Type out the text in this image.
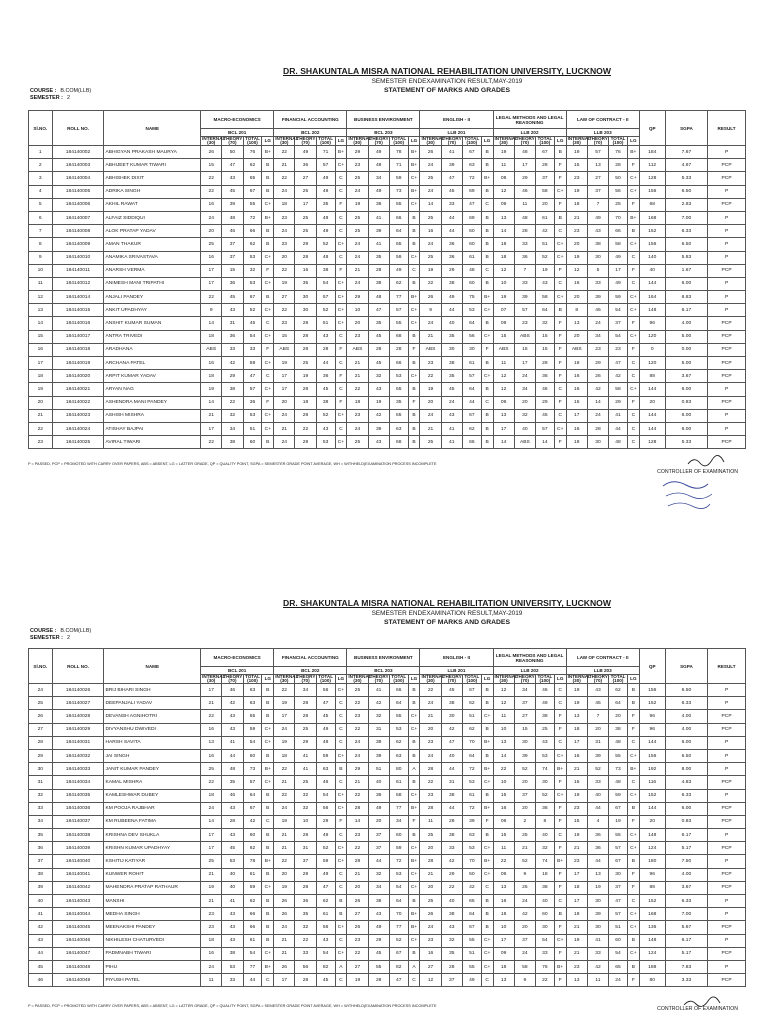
DR. SHAKUNTALA MISRA NATIONAL REHABILITATION UNIVERSITY, LUCKNOW
SEMESTER ENDEXAMINATION RESULT,MAY-2019
STATEMENT OF MARKS AND GRADES
COURSE : B.COM(LLB)
SEMESTER : 2
Sl.NO.	ROLL NO.	NAME	MACRO-ECONOMICS				FINANCIAL ACCOUNTING				BUSINESS ENVIRONMENT				ENGLISH - II				LEGAL METHODS AND LEGAL REASONING				LAW OF CONTRACT - II				QP	SGPA	RESULT
			BCL 201				BCL 202				BCL 203				LLB 201				LLB 202				LLB 203						
			INTERNAL (30)	THEORY (70)	TOTAL (100)	LG	INTERNAL (30)	THEORY (70)	TOTAL (100)	LG	INTERNAL (30)	THEORY (70)	TOTAL (100)	LG	INTERNAL (30)	THEORY (70)	TOTAL (100)	LG	INTERNAL (30)	THEORY (70)	TOTAL (100)	LG	INTERNAL (30)	THEORY (70)	TOTAL (100)	LG			
1	184140002	ABHIGYAN PRAKASH MAURYA	26	50	76	B+	22	49	71	B+	29	49	78	B+	26	41	67	B	19	48	67	B	19	57	76	B+	184	7.67	P
2	184140003	ABHIJEET KUMAR TIWARI	15	47	62	B	21	36	57	C+	23	48	71	B+	24	39	63	B	11	17	28	F	15	13	28	F	112	4.67	PCP
3	184140004	ABHISHEK DIXIT	22	43	65	B	22	27	49	C	25	34	59	C+	25	47	72	B+	08	29	37	F	23	27	50	C+	128	5.33	PCP
4	184140005	ADRIKA SINGH	22	45	67	B	24	25	49	C	24	49	73	B+	24	45	69	B	12	46	58	C+	19	37	56	C+	156	6.50	P
5	184140006	AKHIL RAWAT	16	39	55	C+	18	17	35	F	19	36	55	C+	14	33	47	C	09	11	20	F	18	7	25	F	68	2.83	PCP
6	184140007	ALFAIZ SIDDIQUI	24	48	72	B+	23	25	48	C	25	41	66	B	25	44	69	B	13	48	61	B	21	49	70	B+	168	7.00	P
7	184140008	ALOK PRATAP YADAV	20	46	66	B	24	25	49	C	25	39	64	B	16	44	60	B	14	28	42	C	23	43	66	B	152	6.33	P
8	184140009	AMAN THAKUR	25	37	62	B	23	29	52	C+	24	41	65	B	24	36	60	B	18	33	51	C+	20	38	58	C+	156	6.50	P
9	184140010	ANAMIKA SRIVASTAVA	16	37	53	C+	20	28	48	C	24	35	59	C+	25	36	61	B	18	36	52	C+	19	30	49	C	140	5.83	P
10	184140011	ANARSH VERMA	17	15	32	F	22	16	38	F	21	28	49	C	19	29	48	C	12	7	19	F	12	5	17	F	40	1.67	PCP
11	184140012	ANIMESH MANI TRIPATHI	17	36	53	C+	19	35	54	C+	24	38	62	B	22	38	60	B	10	33	43	C	16	33	49	C	144	6.00	P
12	184140014	ANJALI PANDEY	22	45	67	B	27	30	57	C+	29	48	77	B+	26	49	75	B+	19	39	58	C+	20	39	59	C+	164	6.83	P
13	184140015	ANKIT UPADHYAY	9	43	52	C+	22	30	52	C+	10	47	57	C+	9	44	53	C+	07	57	64	B	8	46	54	C+	148	6.17	P
14	184140016	ANSHIT KUMAR SUMAN	14	31	45	C	23	28	51	C+	20	35	55	C+	24	40	64	B	09	23	32	F	13	24	37	F	96	4.00	PCP
15	184140017	ANTRA TRIVEDI	18	36	54	C+	15	28	43	C	23	45	68	B	21	35	56	C+	15	ABS	15	F	20	34	54	C+	120	5.00	PCP
16	184140018	ARADHANA	ABS	33	33	F	ABS	28	28	F	ABS	28	28	F	ABS	30	30	F	ABS	15	15	F	ABS	23	23	F	0	0.00	PCP
17	184140019	ARCHANA PATEL	16	42	58	C+	19	25	44	C	21	45	66	B	23	38	61	B	11	17	28	F	18	29	47	C	120	5.00	PCP
18	184140020	ARPIT KUMAR YADAV	18	29	47	C	17	19	36	F	21	32	53	C+	22	35	57	C+	12	24	36	F	16	26	42	C	88	3.67	PCP
19	184140021	ARYAN NAG	19	38	57	C+	17	28	45	C	22	43	65	B	19	45	64	B	12	34	46	C	16	42	58	C+	144	6.00	P
20	184140022	ASHENDRA MANI PANDEY	14	22	36	F	20	18	38	F	18	19	35	F	20	24	44	C	09	20	29	F	15	14	29	F	20	0.83	PCP
21	184140023	ASHISH MISHRA	21	32	53	C+	24	28	52	C+	23	42	65	B	24	43	67	B	13	32	45	C	17	24	41	C	144	6.00	P
22	184140024	ATISHAY BAJPAI	17	34	51	C+	21	22	43	C	24	39	63	B	21	41	62	B	17	40	57	C+	16	28	44	C	144	6.00	P
23	184140025	AVIRAL TIWARI	22	38	60	B	24	29	53	C+	25	43	68	B	25	41	66	B	14	ABS	14	F	18	30	48	C	128	5.33	PCP
P = PASSED, PCP = PROMOTED WITH CARRY OVER PAPERS, ABS = ABSENT, LG = LATTER GRADE, QP = QUALITY POINT, SGPA = SEMESTER GRADE POINT AVERAGE, WH = WITHHELD(EXAMINATION PROCESS INCOMPLETE
CONTROLLER OF EXAMINATION
DR. SHAKUNTALA MISRA NATIONAL REHABILITATION UNIVERSITY, LUCKNOW
SEMESTER ENDEXAMINATION RESULT,MAY-2019
STATEMENT OF MARKS AND GRADES
COURSE : B.COM(LLB)
SEMESTER : 2
Sl.NO.	ROLL NO.	NAME	MACRO-ECONOMICS				FINANCIAL ACCOUNTING				BUSINESS ENVIRONMENT				ENGLISH - II				LEGAL METHODS AND LEGAL REASONING				LAW OF CONTRACT - II				QP	SGPA	RESULT
			BCL 201				BCL 202				BCL 203				LLB 201				LLB 202				LLB 203						
			INTERNAL (30)	THEORY (70)	TOTAL (100)	LG	INTERNAL (30)	THEORY (70)	TOTAL (100)	LG	INTERNAL (30)	THEORY (70)	TOTAL (100)	LG	INTERNAL (30)	THEORY (70)	TOTAL (100)	LG	INTERNAL (30)	THEORY (70)	TOTAL (100)	LG	INTERNAL (30)	THEORY (70)	TOTAL (100)	LG			
24	184140026	BRIJ BIHARI SINGH	17	46	63	B	22	34	56	C+	25	41	66	B	22	45	67	B	12	34	46	C	19	43	62	B	156	6.50	P
25	184140027	DEEPANJALI YADAV	21	42	63	B	19	28	47	C	22	42	64	B	24	38	62	B	12	37	49	C	19	45	64	B	152	6.33	P
26	184140028	DEVANSH AGNIHOTRI	22	43	65	B	17	28	45	C	23	32	55	C+	21	30	51	C+	11	27	38	F	13	7	20	F	96	4.00	PCP
27	184140029	DIVYANSHU DWIVEDI	16	43	59	C+	24	25	49	C	22	31	53	C+	20	42	62	B	10	15	25	F	18	20	38	F	96	4.00	PCP
28	184140031	HARSH SAVITA	13	41	54	C+	19	29	48	C	24	38	62	B	23	47	70	B+	13	30	43	C	17	31	48	C	144	6.00	P
29	184140032	JAI SINGH	16	44	60	B	18	41	59	C+	24	39	63	B	24	40	64	B	14	39	53	C+	16	39	55	C+	156	6.50	P
30	184140033	JANIT KUMAR PANDEY	25	48	73	B+	22	41	63	B	29	51	80	A	28	44	72	B+	22	52	74	B+	21	52	73	B+	192	8.00	P
31	184140034	KAMAL MISHRA	22	35	57	C+	21	25	46	C	21	40	61	B	22	31	53	C+	10	20	30	F	15	33	48	C	116	4.83	PCP
32	184140035	KAMLESHWAR DUBEY	18	46	64	B	22	32	54	C+	22	36	58	C+	23	38	61	B	15	37	52	C+	19	40	59	C+	152	6.33	P
33	184140036	KM POOJA RAJBHAR	24	43	67	B	24	32	56	C+	28	49	77	B+	28	44	72	B+	16	20	36	F	23	44	67	B	144	6.00	PCP
34	184140037	KM RUBEENA FATIMA	14	28	42	C	19	10	29	F	14	20	34	F	11	28	39	F	06	2	8	F	15	4	19	F	20	0.83	PCP
35	184140038	KRISHNA DEV SHUKLA	17	43	60	B	21	28	49	C	23	37	60	B	25	38	63	B	15	25	40	C	19	36	55	C+	148	6.17	P
36	184140039	KRISHN KUMAR UPADHYAY	17	45	62	B	21	31	52	C+	22	37	59	C+	20	33	53	C+	11	21	32	F	21	36	57	C+	124	5.17	PCP
37	184140040	KSHITIJ KATIYAR	25	53	78	B+	22	37	59	C+	28	44	72	B+	28	42	70	B+	22	52	74	B+	23	44	67	B	180	7.50	P
38	184140041	KUNWER ROHIT	21	40	61	B	20	29	49	C	21	32	53	C+	21	29	50	C+	09	9	18	F	17	13	30	F	96	4.00	PCP
39	184140042	MAHENDRA PRATAP RATHAUR	19	40	59	C+	19	28	47	C	20	34	54	C+	20	22	42	C	13	25	38	F	18	19	37	F	88	3.67	PCP
40	184140043	MANSHI	21	41	62	B	26	36	62	B	26	38	64	B	25	40	65	B	16	24	40	C	17	30	47	C	152	6.33	P
41	184140044	MEDHA SINGH	23	43	66	B	26	35	61	B	27	43	70	B+	26	38	64	B	18	42	60	B	18	39	57	C+	168	7.00	P
42	184140045	MEENAKSHI PANDEY	23	43	66	B	24	32	56	C+	26	49	77	B+	24	43	67	B	10	20	30	F	21	30	51	C+	136	5.67	PCP
43	184140046	NIKHILESH CHATURVEDI	18	43	61	B	21	22	43	C	23	29	52	C+	23	32	55	C+	17	37	54	C+	19	41	60	B	148	6.17	P
44	184140047	PADMNABH TIWARI	16	38	54	C+	21	33	54	C+	22	45	67	B	16	35	51	C+	09	24	33	F	21	33	54	C+	124	5.17	PCP
45	184140048	PIHU	24	53	77	B+	26	56	82	A	27	55	82	A	27	28	55	C+	18	58	76	B+	23	42	65	B	188	7.83	P
46	184140049	PIYUSH PATEL	11	33	44	C	17	28	45	C	19	28	47	C	12	37	49	C	13	9	22	F	13	11	24	F	80	3.33	PCP
P = PASSED, PCP = PROMOTED WITH CARRY OVER PAPERS, ABS = ABSENT, LG = LATTER GRADE, QP = QUALITY POINT, SGPA = SEMESTER GRADE POINT AVERAGE, WH = WITHHELD(EXAMINATION PROCESS INCOMPLETE	CONTROLLER OF EXAMINATION
